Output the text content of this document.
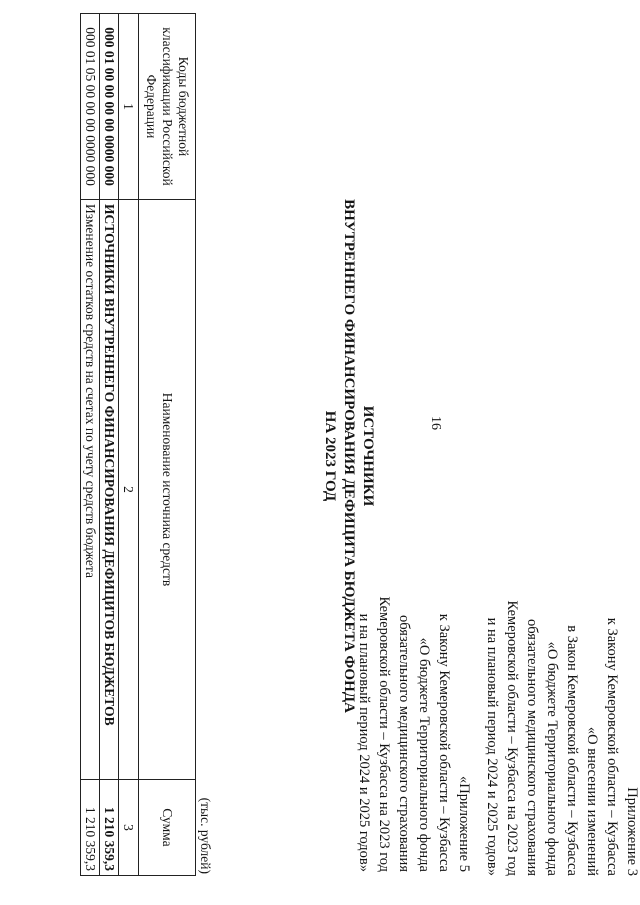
16
Приложение 3
к Закону Кемеровской области – Кузбасса
«О внесении изменений
в Закон Кемеровской области – Кузбасса
«О бюджете Территориального фонда
обязательного медицинского страхования
Кемеровской области – Кузбасса на 2023 год
и на плановый период 2024 и 2025 годов»
«Приложение 5
к Закону Кемеровской области – Кузбасса
«О бюджете Территориального фонда
обязательного медицинского страхования
Кемеровской области – Кузбасса на 2023 год
и на плановый период 2024 и 2025 годов»
ИСТОЧНИКИ
ВНУТРЕННЕГО ФИНАНСИРОВАНИЯ ДЕФИЦИТА БЮДЖЕТА ФОНДА
НА 2023 ГОД
(тыс. рублей)
Коды бюджетной классификации Российской Федерации	Наименование источника средств	Сумма
1	2	3
000 01 00 00 00 00 0000 000	ИСТОЧНИКИ ВНУТРЕННЕГО ФИНАНСИРОВАНИЯ ДЕФИЦИТОВ БЮДЖЕТОВ	1 210 359,3
000 01 05 00 00 00 0000 000	Изменение остатков средств на счетах по учету средств бюджета	1 210 359,3
